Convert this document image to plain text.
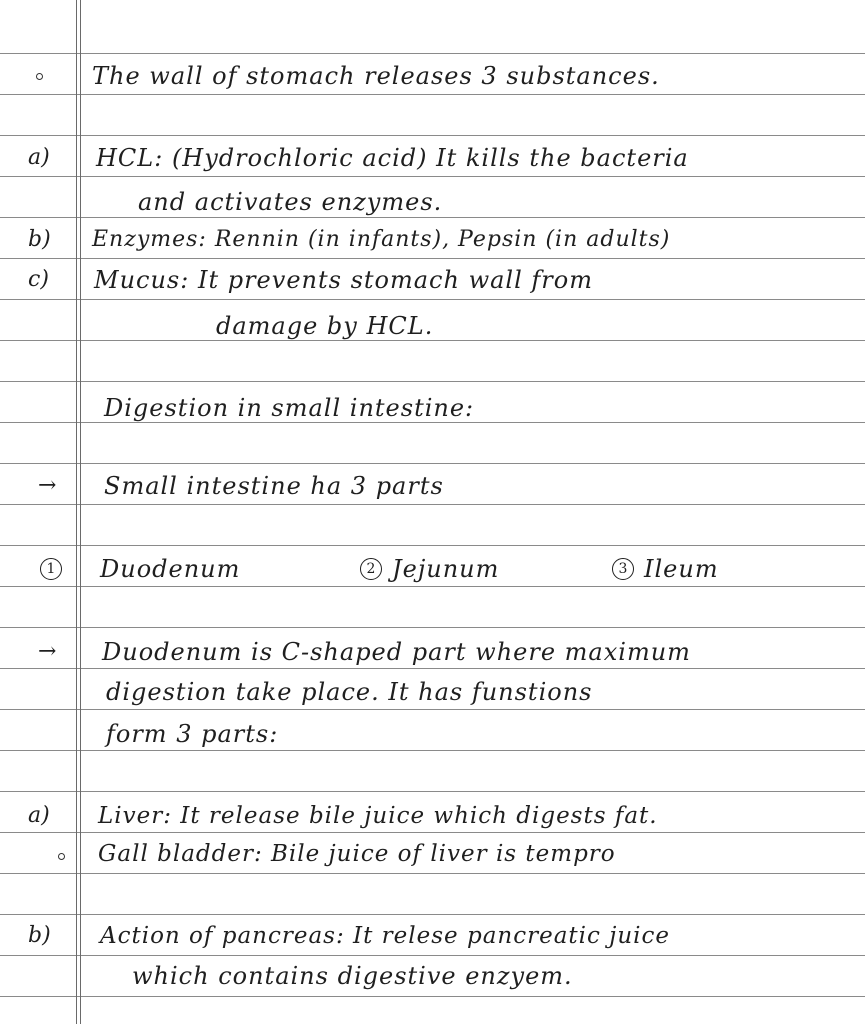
The wall of stomach releases 3 substances.
a)	HCL: (Hydrochloric acid) It kills the bacteria
and activates enzymes.
b)	Enzymes: Rennin (in infants), Pepsin (in adults)
c)	Mucus: It prevents stomach wall from
damage by HCL.
Digestion in small intestine:
→	Small intestine ha 3 parts
1 Duodenum	2 Jejunum	3 Ileum
→	Duodenum is C-shaped part where maximum
digestion take place. It has funstions
form 3 parts:
a)	Liver: It release bile juice which digests fat.
Gall bladder: Bile juice of liver is tempro
b)	Action of pancreas: It relese pancreatic juice
which contains digestive enzyem.
